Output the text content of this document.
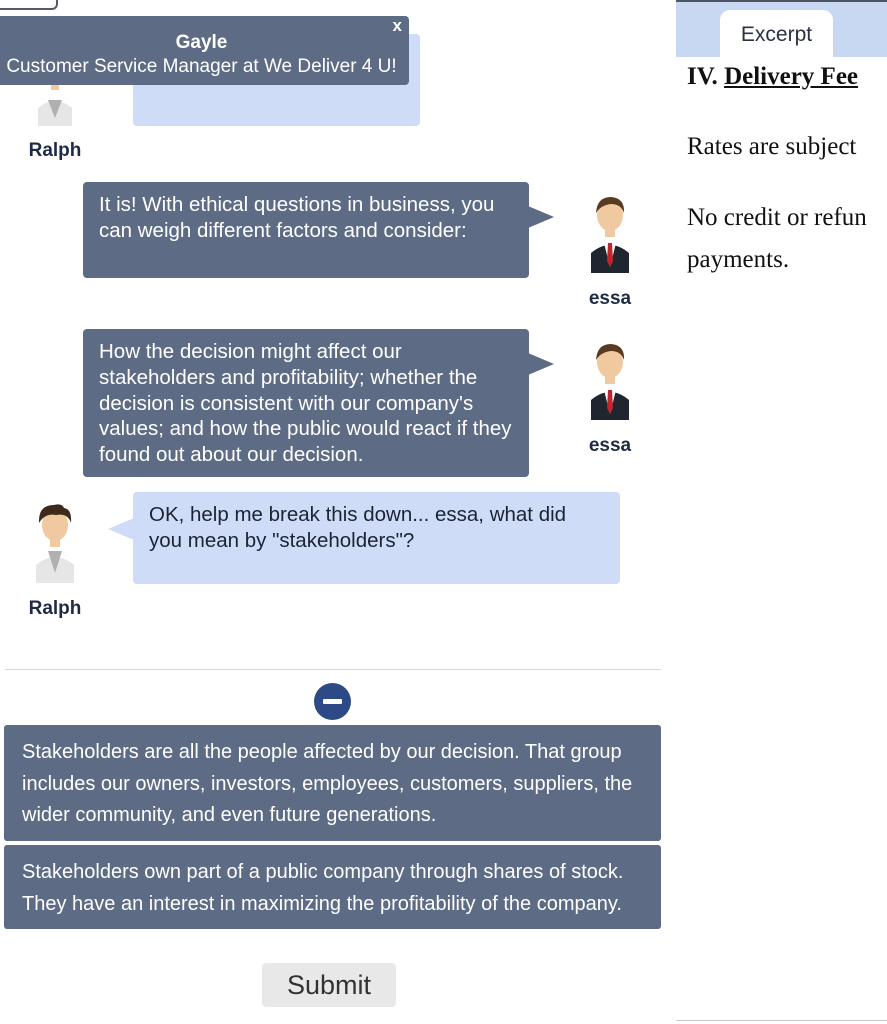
Ralph
Gayle
Customer Service Manager at We Deliver 4 U!
x
It is! With ethical questions in business, you can weigh different factors and consider:
essa
How the decision might affect our stakeholders and profitability; whether the decision is consistent with our company's values; and how the public would react if they found out about our decision.	essa
OK, help me break this down... essa, what did you mean by "stakeholders"?
Ralph
Stakeholders are all the people affected by our decision. That group includes our owners, investors, employees, customers, suppliers, the wider community, and even future generations.
Stakeholders own part of a public company through shares of stock. They have an interest in maximizing the profitability of the company.
Submit
Excerpt
IV. Delivery Fee
Rates are subject
No credit or refun
payments.
